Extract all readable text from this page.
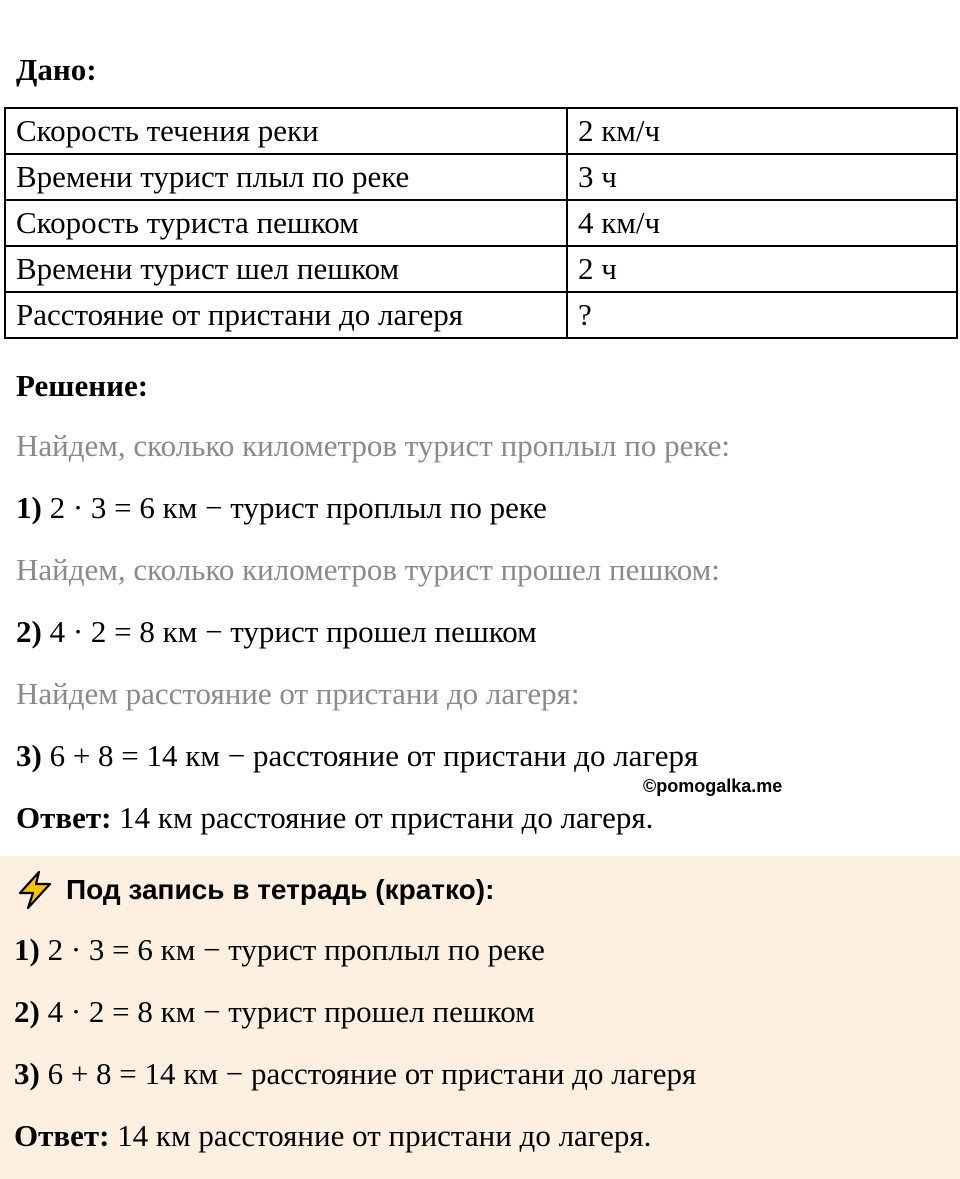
Дано:
Скорость течения реки	2 км/ч
Времени турист плыл по реке	3 ч
Скорость туриста пешком	4 км/ч
Времени турист шел пешком	2 ч
Расстояние от пристани до лагеря	?
Решение:
Найдем, сколько километров турист проплыл по реке:
1) 2 · 3 = 6 км − турист проплыл по реке
Найдем, сколько километров турист прошел пешком:
2) 4 · 2 = 8 км − турист прошел пешком
Найдем расстояние от пристани до лагеря:
3) 6 + 8 = 14 км − расстояние от пристани до лагеря
©pomogalka.me
Ответ: 14 км расстояние от пристани до лагеря.
Под запись в тетрадь (кратко):
1) 2 · 3 = 6 км − турист проплыл по реке
2) 4 · 2 = 8 км − турист прошел пешком
3) 6 + 8 = 14 км − расстояние от пристани до лагеря
Ответ: 14 км расстояние от пристани до лагеря.
